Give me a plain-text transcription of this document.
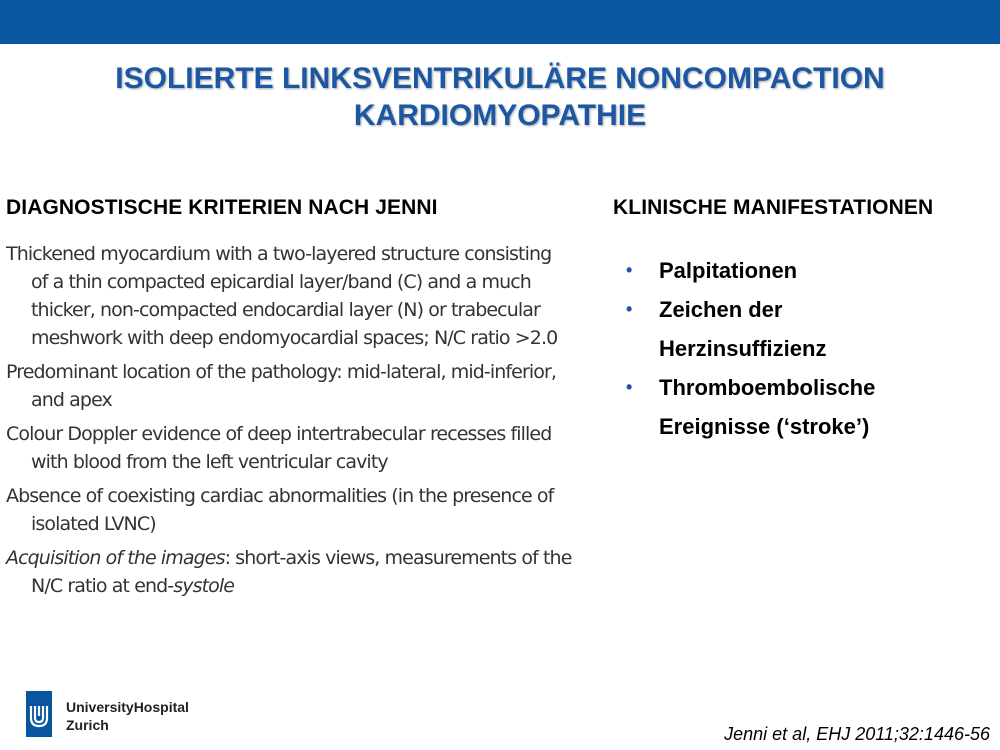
ISOLIERTE LINKSVENTRIKULÄRE NONCOMPACTION
KARDIOMYOPATHIE
DIAGNOSTISCHE KRITERIEN NACH JENNI	KLINISCHE MANIFESTATIONEN
Thickened myocardium with a two-layered structure consisting
of a thin compacted epicardial layer/band (C) and a much
thicker, non-compacted endocardial layer (N) or trabecular
meshwork with deep endomyocardial spaces; N/C ratio >2.0
Predominant location of the pathology: mid-lateral, mid-inferior,
and apex
Colour Doppler evidence of deep intertrabecular recesses filled
with blood from the left ventricular cavity
Absence of coexisting cardiac abnormalities (in the presence of
isolated LVNC)
Acquisition of the images: short-axis views, measurements of the
N/C ratio at end-systole
• Palpitationen
• Zeichen der
Herzinsuffizienz
• Thromboembolische
Ereignisse (‘stroke’)
UniversityHospital
Zurich	Jenni et al, EHJ 2011;32:1446-56
